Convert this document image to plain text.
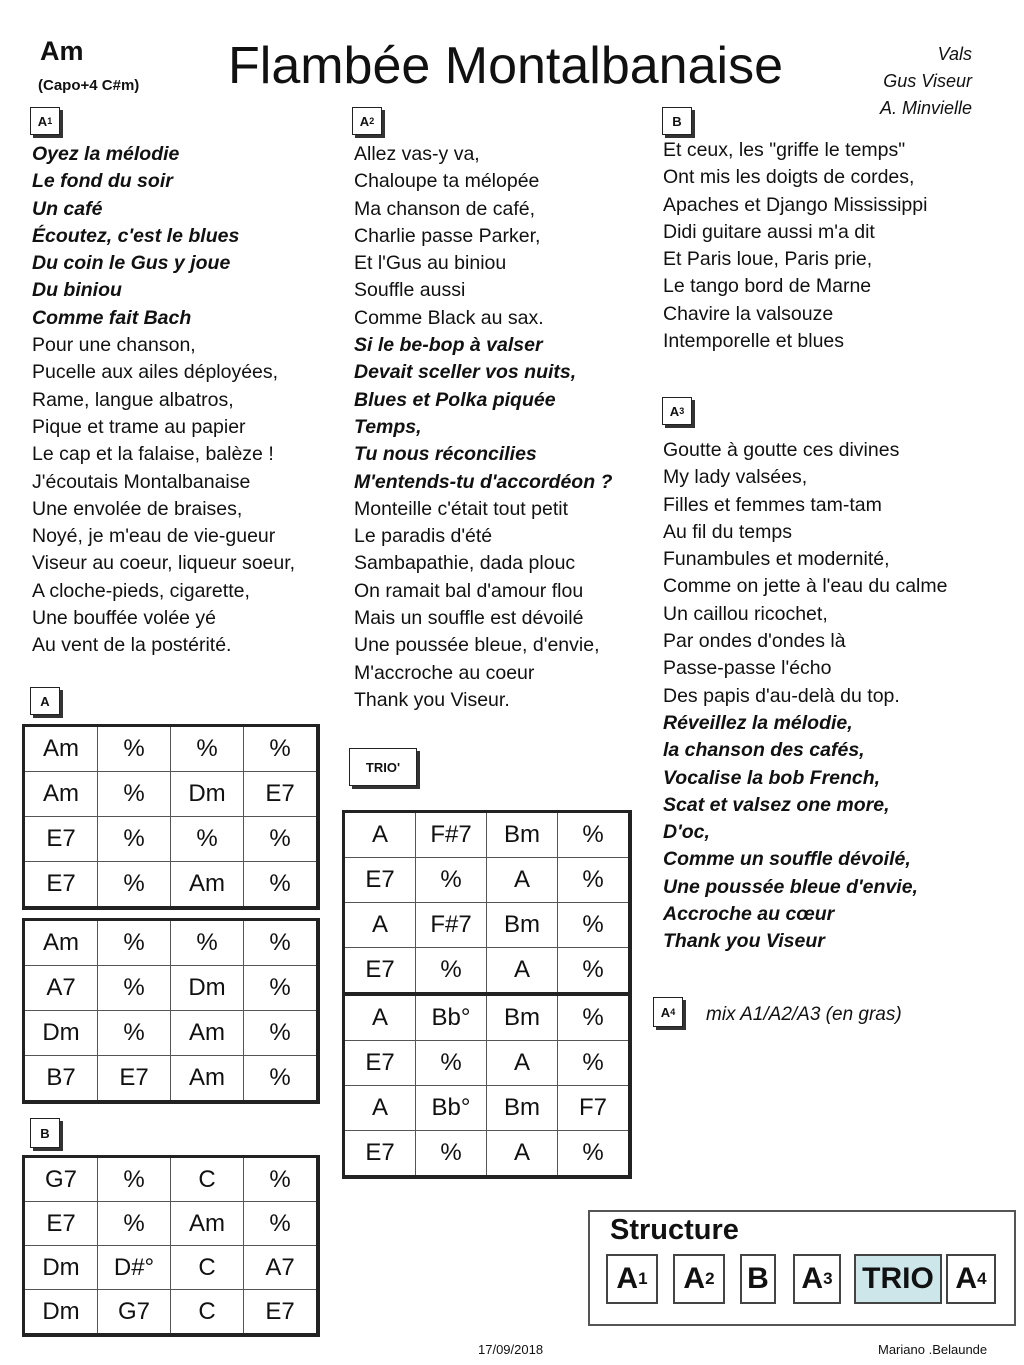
Am
(Capo+4 C#m) Flambée Montalbanaise	Vals
Gus Viseur
A. Minvielle
A 1	A 2	B
A 3
A
TRIO'
B
A 4 mix A1/A2/A3 (en gras)
Oyez la mélodie
Le fond du soir
Un café
Écoutez, c'est le blues
Du coin le Gus y joue
Du biniou
Comme fait Bach
Pour une chanson,
Pucelle aux ailes déployées,
Rame, langue albatros,
Pique et trame au papier
Le cap et la falaise, balèze !
J'écoutais Montalbanaise
Une envolée de braises,
Noyé, je m'eau de vie-gueur
Viseur au coeur, liqueur soeur,
A cloche-pieds, cigarette,
Une bouffée volée yé
Au vent de la postérité.
Allez vas-y va,
Chaloupe ta mélopée
Ma chanson de café,
Charlie passe Parker,
Et l'Gus au biniou
Souffle aussi
Comme Black au sax.
Si le be-bop à valser
Devait sceller vos nuits,
Blues et Polka piquée
Temps,
Tu nous réconcilies
M'entends-tu d'accordéon ?
Monteille c'était tout petit
Le paradis d'été
Sambapathie, dada plouc
On ramait bal d'amour flou
Mais un souffle est dévoilé
Une poussée bleue, d'envie,
M'accroche au coeur
Thank you Viseur.
Et ceux, les "griffe le temps"
Ont mis les doigts de cordes,
Apaches et Django Mississippi
Didi guitare aussi m'a dit
Et Paris loue, Paris prie,
Le tango bord de Marne
Chavire la valsouze
Intemporelle et blues
Goutte à goutte ces divines
My lady valsées,
Filles et femmes tam-tam
Au fil du temps
Funambules et modernité,
Comme on jette à l'eau du calme
Un caillou ricochet,
Par ondes d'ondes là
Passe-passe l'écho
Des papis d'au-delà du top.
Réveillez la mélodie,
la chanson des cafés,
Vocalise la bob French,
Scat et valsez one more,
D'oc,
Comme un souffle dévoilé,
Une poussée bleue d'envie,
Accroche au cœur
Thank you Viseur
Am	%	%	%
Am	%	Dm	E7
E7	%	%	%
E7	%	Am	%
Am	%	%	%
A7	%	Dm	%
Dm	%	Am	%
B7	E7	Am	%
G7	%	C	%
E7	%	Am	%
Dm	D#°	C	A7
Dm	G7	C	E7
A	F#7	Bm	%
E7	%	A	%
A	F#7	Bm	%
E7	%	A	%
A	Bb°	Bm	%
E7	%	A	%
A	Bb°	Bm	F7
E7	%	A	%
Structure
A 1 A 2 B A 3 TRIO A 4
17/09/2018	Mariano .Belaunde
